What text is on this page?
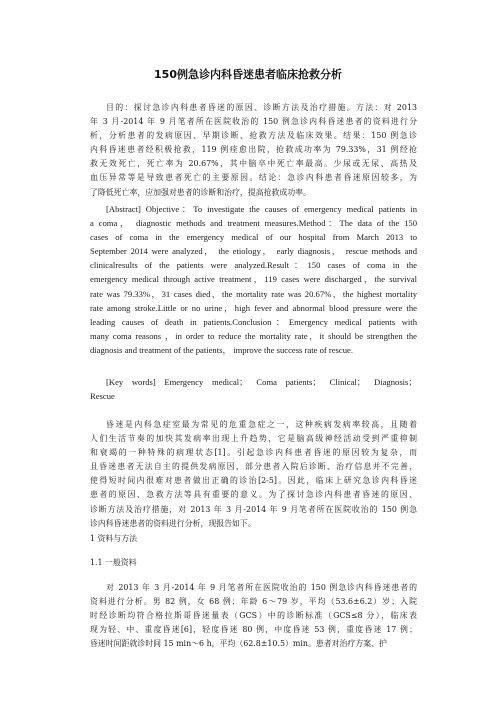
150例急诊内科昏迷患者临床抢救分析
目的：探讨急诊内科患者昏迷的原因、诊断方法及治疗措施。方法：对 2013
年 3 月-2014 年 9 月笔者所在医院收治的 150 例急诊内科昏迷患者的资料进行分
析，分析患者的发病原因、早期诊断、抢救方法及临床效果。结果：150 例急诊
内科昏迷患者经积极抢救，119 例痊愈出院，抢救成功率为 79.33%，31 例经抢
救无效死亡，死亡率为 20.67%，其中脑卒中死亡率最高。少尿或无尿、高热及
血压异常等是导致患者死亡的主要原因。结论：急诊内科患者昏迷原因较多，为
了降低死亡率，应加强对患者的诊断和治疗，提高抢救成功率。
[Abstract] Objective：To investigate the causes of emergency medical patients in
a coma， diagnostic methods and treatment measures.Method：The data of the 150
cases of coma in the emergency medical of our hospital from March 2013 to
September 2014 were analyzed， the etiology， early diagnosis， rescue methods and
clinicalresults of the patients were analyzed.Result：150 cases of coma in the
emergency medical through active treatment，119 cases were discharged，the survival
rate was 79.33%，31 cases died，the mortality rate was 20.67%，the highest mortality
rate among stroke.Little or no urine，high fever and abnormal blood pressure were the
leading causes of death in patients.Conclusion：Emergency medical patients with
many coma reasons ，in order to reduce the mortality rate，it should be strengthen the
diagnosis and treatment of the patients， improve the success rate of rescue.
[Key words] Emergency medical； Coma patients； Clinical； Diagnosis；
Rescue
昏迷是内科急症室最为常见的危重急症之一，这种疾病发病率较高，且随着
人们生活节奏的加快其发病率出现上升趋势，它是脑高级神经活动受到严重抑制
和衰竭的一种特殊的病理状态[1]。引起急诊内科患者昏迷的原因较为复杂，而
且昏迷患者无法自主的提供发病原因，部分患者入院后诊断、治疗信息并不完善，
使得短时间内很难对患者做出正确的诊治[2-5]。因此，临床上研究急诊内科昏迷
患者的原因、急救方法等具有重要的意义。为了探讨急诊内科患者昏迷的原因、
诊断方法及治疗措施，对 2013 年 3 月-2014 年 9 月笔者所在医院收治的 150 例急
诊内科昏迷患者的资料进行分析，现报告如下。
1 资料与方法
1.1 一般资料
对 2013 年 3 月-2014 年 9 月笔者所在医院收治的 150 例急诊内科昏迷患者的
资料进行分析。男 82 例，女 68 例；年龄 6～79 岁，平均（53.6±6.2）岁；入院
时经诊断均符合格拉斯哥昏迷量表（GCS）中的诊断标准（GCS≤8 分），临床表
现为轻、中、重度昏迷[6]，轻度昏迷 80 例，中度昏迷 53 例，重度昏迷 17 例；
昏迷时间距就诊时间 15 min～6 h，平均（62.8±10.5）min。患者对治疗方案、护
